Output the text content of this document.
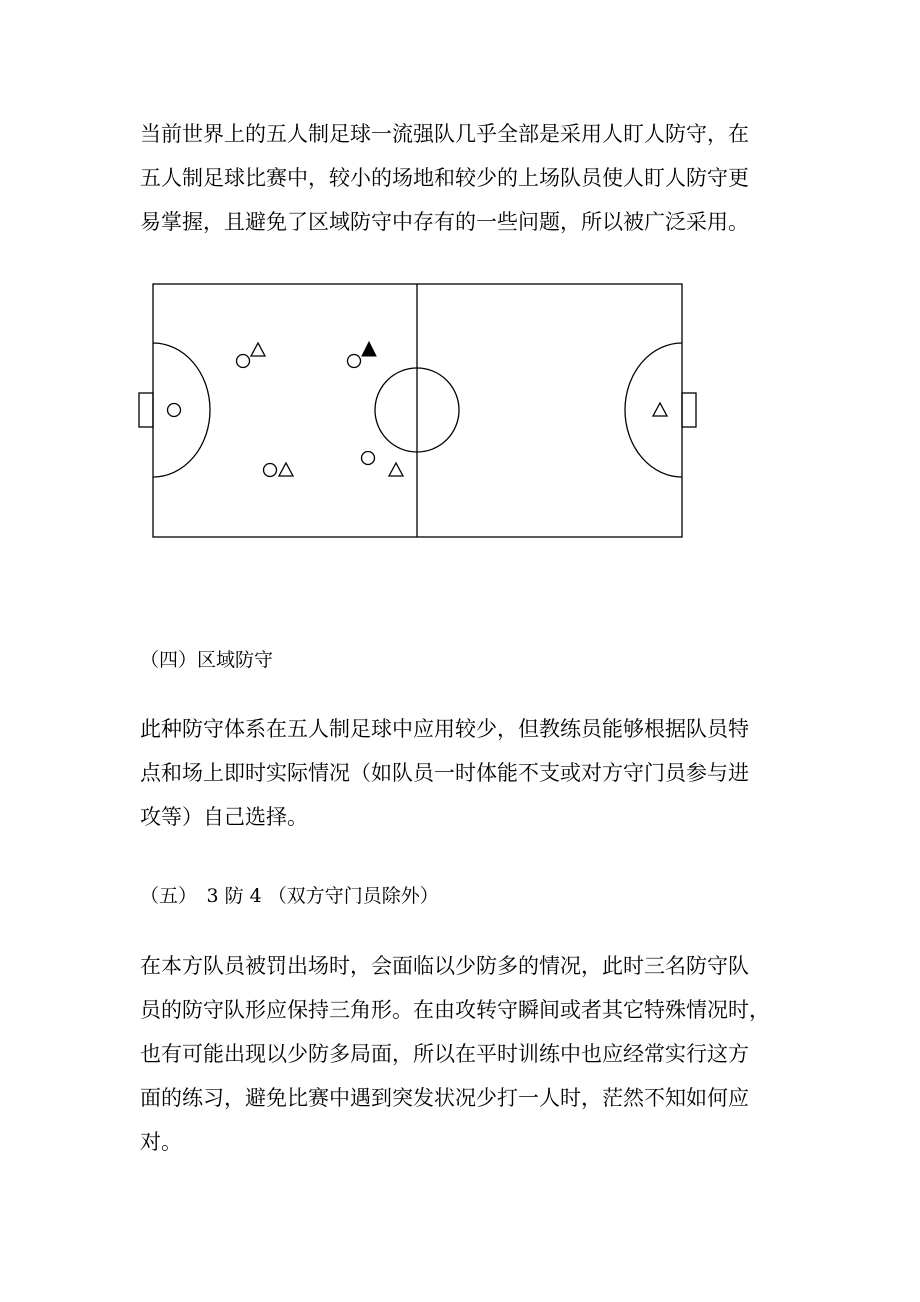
当前世界上的五人制足球一流强队几乎全部是采用人盯人防守，在
五人制足球比赛中，较小的场地和较少的上场队员使人盯人防守更
易掌握，且避免了区域防守中存有的一些问题，所以被广泛采用。

（四）区域防守

此种防守体系在五人制足球中应用较少，但教练员能够根据队员特
点和场上即时实际情况（如队员一时体能不支或对方守门员参与进
攻等）自己选择。

（五）　3 防 4 （双方守门员除外）

在本方队员被罚出场时，会面临以少防多的情况，此时三名防守队
员的防守队形应保持三角形。在由攻转守瞬间或者其它特殊情况时，
也有可能出现以少防多局面，所以在平时训练中也应经常实行这方
面的练习，避免比赛中遇到突发状况少打一人时，茫然不知如何应
对。
